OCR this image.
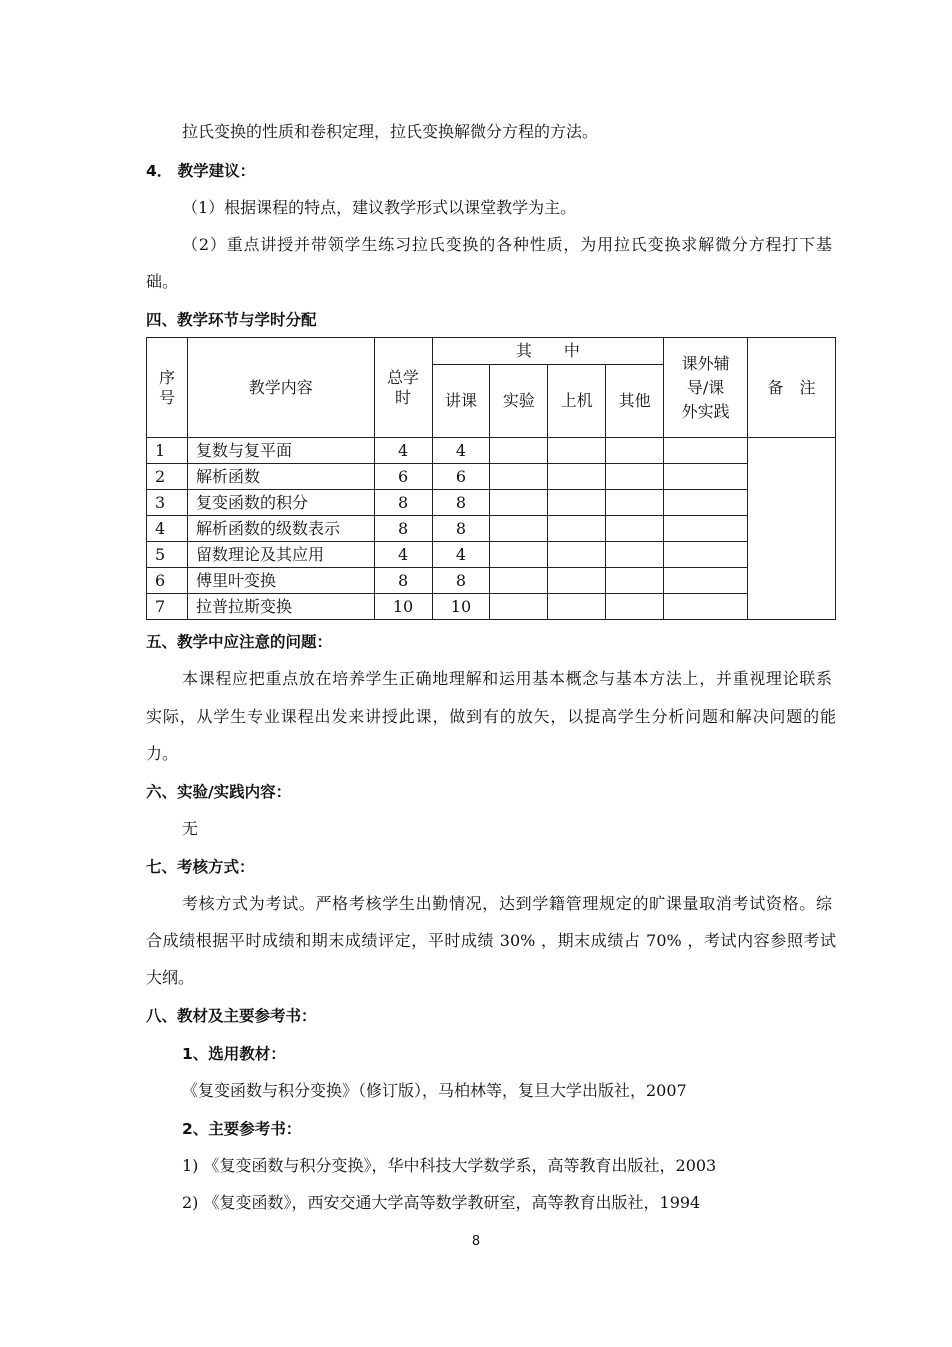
拉氏变换的性质和卷积定理，拉氏变换解微分方程的方法。
4． 教学建议：
（1）根据课程的特点，建议教学形式以课堂教学为主。
（2）重点讲授并带领学生练习拉氏变换的各种性质，为用拉氏变换求解微分方程打下基
础。
四、教学环节与学时分配
序号	教学内容	总学时	其　　中				课外辅导/课外实践	备　注
			讲课	实验	上机	其他		
1	复数与复平面	4	4					
2	解析函数	6	6					
3	复变函数的积分	8	8					
4	解析函数的级数表示	8	8					
5	留数理论及其应用	4	4					
6	傅里叶变换	8	8					
7	拉普拉斯变换	10	10					
五、教学中应注意的问题：
本课程应把重点放在培养学生正确地理解和运用基本概念与基本方法上，并重视理论联系
实际，从学生专业课程出发来讲授此课，做到有的放矢，以提高学生分析问题和解决问题的能
力。
六、实验/实践内容：
无
七、考核方式：
考核方式为考试。严格考核学生出勤情况，达到学籍管理规定的旷课量取消考试资格。综
合成绩根据平时成绩和期末成绩评定，平时成绩 30% ，期末成绩占 70% ，考试内容参照考试
大纲。
八、教材及主要参考书：
1、选用教材：
《复变函数与积分变换》（修订版），马柏林等，复旦大学出版社，2007
2、主要参考书：
1) 《复变函数与积分变换》，华中科技大学数学系，高等教育出版社，2003
2) 《复变函数》，西安交通大学高等数学教研室，高等教育出版社，1994
8
